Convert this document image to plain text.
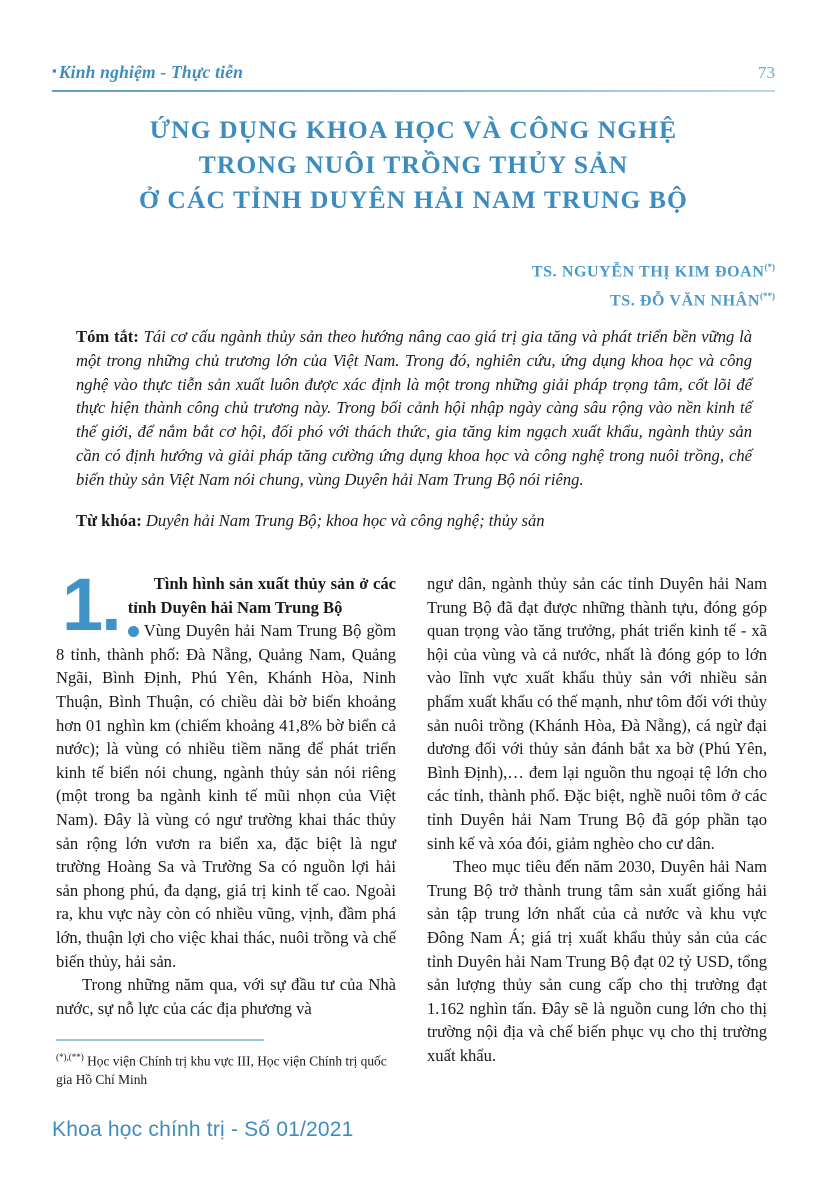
▪ Kinh nghiệm - Thực tiễn	73
ỨNG DỤNG KHOA HỌC VÀ CÔNG NGHỆ
TRONG NUÔI TRỒNG THỦY SẢN
Ở CÁC TỈNH DUYÊN HẢI NAM TRUNG BỘ
TS. NGUYỄN THỊ KIM ĐOAN(*)
TS. ĐỖ VĂN NHÂN(**)
Tóm tắt: Tái cơ cấu ngành thủy sản theo hướng nâng cao giá trị gia tăng và phát triển bền vững là một trong những chủ trương lớn của Việt Nam. Trong đó, nghiên cứu, ứng dụng khoa học và công nghệ vào thực tiễn sản xuất luôn được xác định là một trong những giải pháp trọng tâm, cốt lõi để thực hiện thành công chủ trương này. Trong bối cảnh hội nhập ngày càng sâu rộng vào nền kinh tế thế giới, để nắm bắt cơ hội, đối phó với thách thức, gia tăng kim ngạch xuất khẩu, ngành thủy sản cần có định hướng và giải pháp tăng cường ứng dụng khoa học và công nghệ trong nuôi trồng, chế biến thủy sản Việt Nam nói chung, vùng Duyên hải Nam Trung Bộ nói riêng.
Từ khóa: Duyên hải Nam Trung Bộ; khoa học và công nghệ; thủy sản
1.	Tình hình sản xuất thủy sản ở các tỉnh Duyên hải Nam Trung Bộ

Vùng Duyên hải Nam Trung Bộ gồm 8 tỉnh, thành phố: Đà Nẵng, Quảng Nam, Quảng Ngãi, Bình Định, Phú Yên, Khánh Hòa, Ninh Thuận, Bình Thuận, có chiều dài bờ biển khoảng hơn 01 nghìn km (chiếm khoảng 41,8% bờ biển cả nước); là vùng có nhiều tiềm năng để phát triển kinh tế biển nói chung, ngành thủy sản nói riêng (một trong ba ngành kinh tế mũi nhọn của Việt Nam). Đây là vùng có ngư trường khai thác thủy sản rộng lớn vươn ra biển xa, đặc biệt là ngư trường Hoàng Sa và Trường Sa có nguồn lợi hải sản phong phú, đa dạng, giá trị kinh tế cao. Ngoài ra, khu vực này còn có nhiều vũng, vịnh, đầm phá lớn, thuận lợi cho việc khai thác, nuôi trồng và chế biến thủy, hải sản.

Trong những năm qua, với sự đầu tư của Nhà nước, sự nỗ lực của các địa phương và

ngư dân, ngành thủy sản các tỉnh Duyên hải Nam Trung Bộ đã đạt được những thành tựu, đóng góp quan trọng vào tăng trưởng, phát triển kinh tế - xã hội của vùng và cả nước, nhất là đóng góp to lớn vào lĩnh vực xuất khẩu thủy sản với nhiều sản phẩm xuất khẩu có thế mạnh, như tôm đối với thủy sản nuôi trồng (Khánh Hòa, Đà Nẵng), cá ngừ đại dương đối với thủy sản đánh bắt xa bờ (Phú Yên, Bình Định),… đem lại nguồn thu ngoại tệ lớn cho các tỉnh, thành phố. Đặc biệt, nghề nuôi tôm ở các tỉnh Duyên hải Nam Trung Bộ đã góp phần tạo sinh kế và xóa đói, giảm nghèo cho cư dân.

Theo mục tiêu đến năm 2030, Duyên hải Nam Trung Bộ trở thành trung tâm sản xuất giống hải sản tập trung lớn nhất của cả nước và khu vực Đông Nam Á; giá trị xuất khẩu thủy sản của các tỉnh Duyên hải Nam Trung Bộ đạt 02 tỷ USD, tổng sản lượng thủy sản cung cấp cho thị trường đạt 1.162 nghìn tấn. Đây sẽ là nguồn cung lớn cho thị trường nội địa và chế biến phục vụ cho thị trường xuất khẩu.

(*),(**) Học viện Chính trị khu vực III, Học viện Chính trị quốc gia Hồ Chí Minh
Khoa học chính trị - Số 01/2021
